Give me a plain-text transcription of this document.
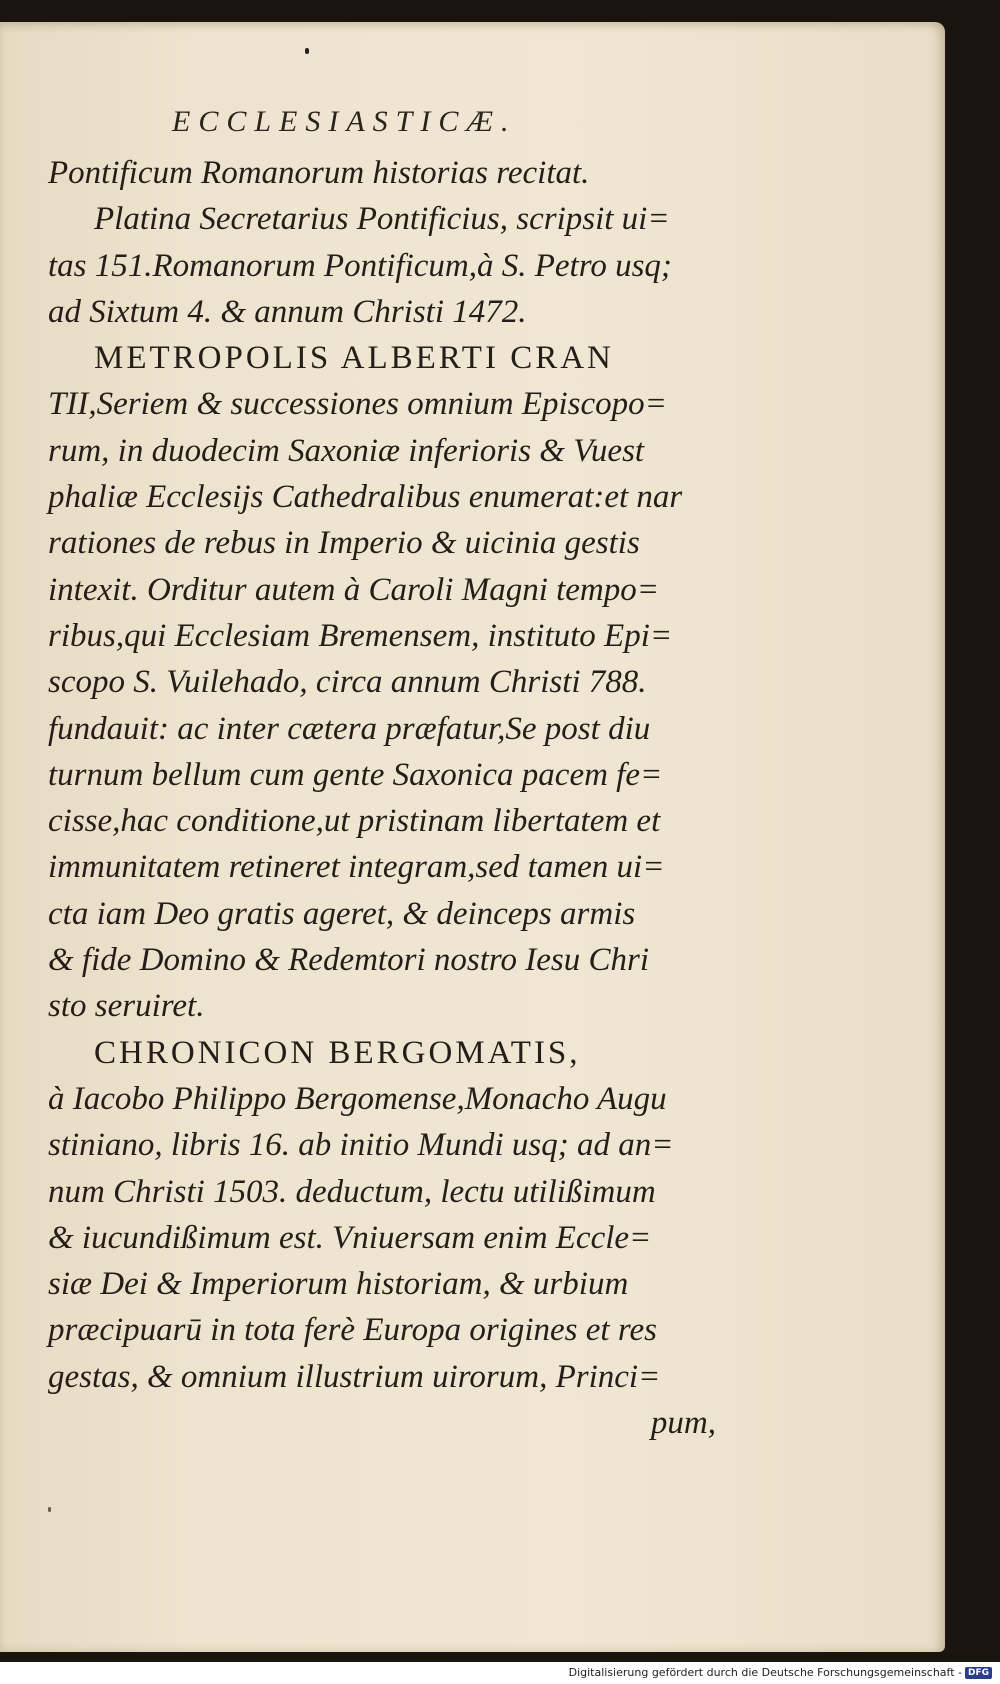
ECCLESIASTICÆ.
Pontificum Romanorum historias recitat.
Platina Secretarius Pontificius, scripsit ui=
tas 151.Romanorum Pontificum,à S. Petro usq;
ad Sixtum 4. & annum Christi 1472.
METROPOLIS ALBERTI CRAN
TII,Seriem & successiones omnium Episcopo=
rum, in duodecim Saxoniæ inferioris & Vuest
phaliæ Ecclesijs Cathedralibus enumerat:et nar
rationes de rebus in Imperio & uicinia gestis
intexit. Orditur autem à Caroli Magni tempo=
ribus,qui Ecclesiam Bremensem, instituto Epi=
scopo S. Vuilehado, circa annum Christi 788.
fundauit: ac inter cætera præfatur,Se post diu
turnum bellum cum gente Saxonica pacem fe=
cisse,hac conditione,ut pristinam libertatem et
immunitatem retineret integram,sed tamen ui=
cta iam Deo gratis ageret, & deinceps armis
& fide Domino & Redemtori nostro Iesu Chri
sto seruiret.
CHRONICON BERGOMATIS,
à Iacobo Philippo Bergomense,Monacho Augu
stiniano, libris 16. ab initio Mundi usq; ad an=
num Christi 1503. deductum, lectu utilißimum
& iucundißimum est. Vniuersam enim Eccle=
siæ Dei & Imperiorum historiam, & urbium
præcipuarū in tota ferè Europa origines et res
gestas, & omnium illustrium uirorum, Princi=
pum,
Digitalisierung gefördert durch die Deutsche Forschungsgemeinschaft - DFG
